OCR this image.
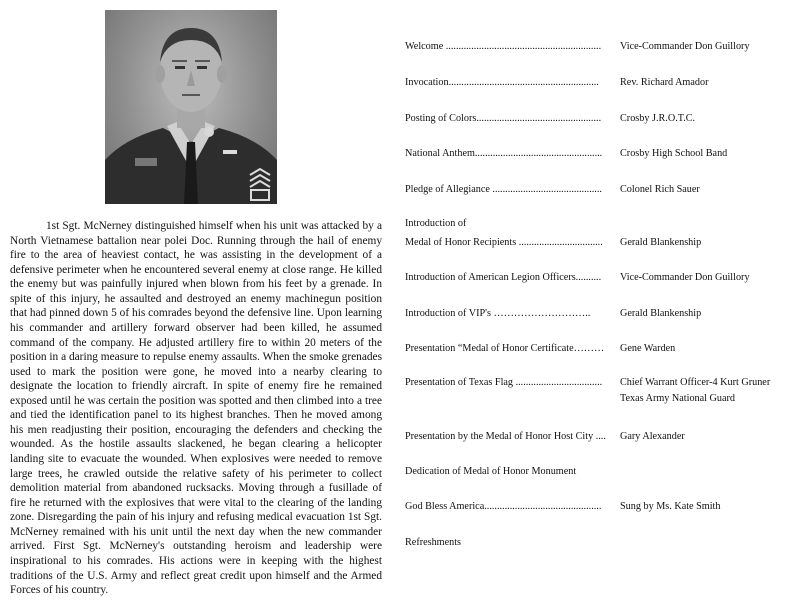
1st Sgt. McNerney distinguished himself when his unit was attacked by a North Vietnamese battalion near polei Doc. Running through the hail of enemy fire to the area of heaviest contact, he was assisting in the development of a defensive perimeter when he encountered several enemy at close range. He killed the enemy but was painfully injured when blown from his feet by a grenade. In spite of this injury, he assaulted and destroyed an enemy machinegun position that had pinned down 5 of his comrades beyond the defensive line. Upon learning his commander and artillery forward observer had been killed, he assumed command of the company. He adjusted artillery fire to within 20 meters of the position in a daring measure to repulse enemy assaults. When the smoke grenades used to mark the position were gone, he moved into a nearby clearing to designate the location to friendly aircraft. In spite of enemy fire he remained exposed until he was certain the position was spotted and then climbed into a tree and tied the identification panel to its highest branches. Then he moved among his men readjusting their position, encouraging the defenders and checking the wounded. As the hostile assaults slackened, he began clearing a helicopter landing site to evacuate the wounded. When explosives were needed to remove large trees, he crawled outside the relative safety of his perimeter to collect demolition material from abandoned rucksacks. Moving through a fusillade of fire he returned with the explosives that were vital to the clearing of the landing zone. Disregarding the pain of his injury and refusing medical evacuation 1st Sgt. McNerney remained with his unit until the next day when the new commander arrived. First Sgt. McNerney's outstanding heroism and leadership were inspirational to his comrades. His actions were in keeping with the highest traditions of the U.S. Army and reflect great credit upon himself and the Armed Forces of his country.

Welcome ............................................................. Vice-Commander Don Guillory
Invocation........................................................... Rev. Richard Amador
Posting of Colors................................................. Crosby J.R.O.T.C.
National Anthem.................................................. Crosby High School Band
Pledge of Allegiance ........................................... Colonel Rich Sauer
Introduction of
Medal of Honor Recipients ................................. Gerald Blankenship
Introduction of American Legion Officers.......... Vice-Commander Don Guillory
Introduction of VIP's ………………………..	Gerald Blankenship
Presentation “Medal of Honor Certificate……… Gene Warden
Presentation of Texas Flag .................................. Chief Warrant Officer-4 Kurt Gruner
Texas Army National Guard
Presentation by the Medal of Honor Host City .... Gary Alexander
Dedication of Medal of Honor Monument
God Bless America.............................................. Sung by Ms. Kate Smith
Refreshments
